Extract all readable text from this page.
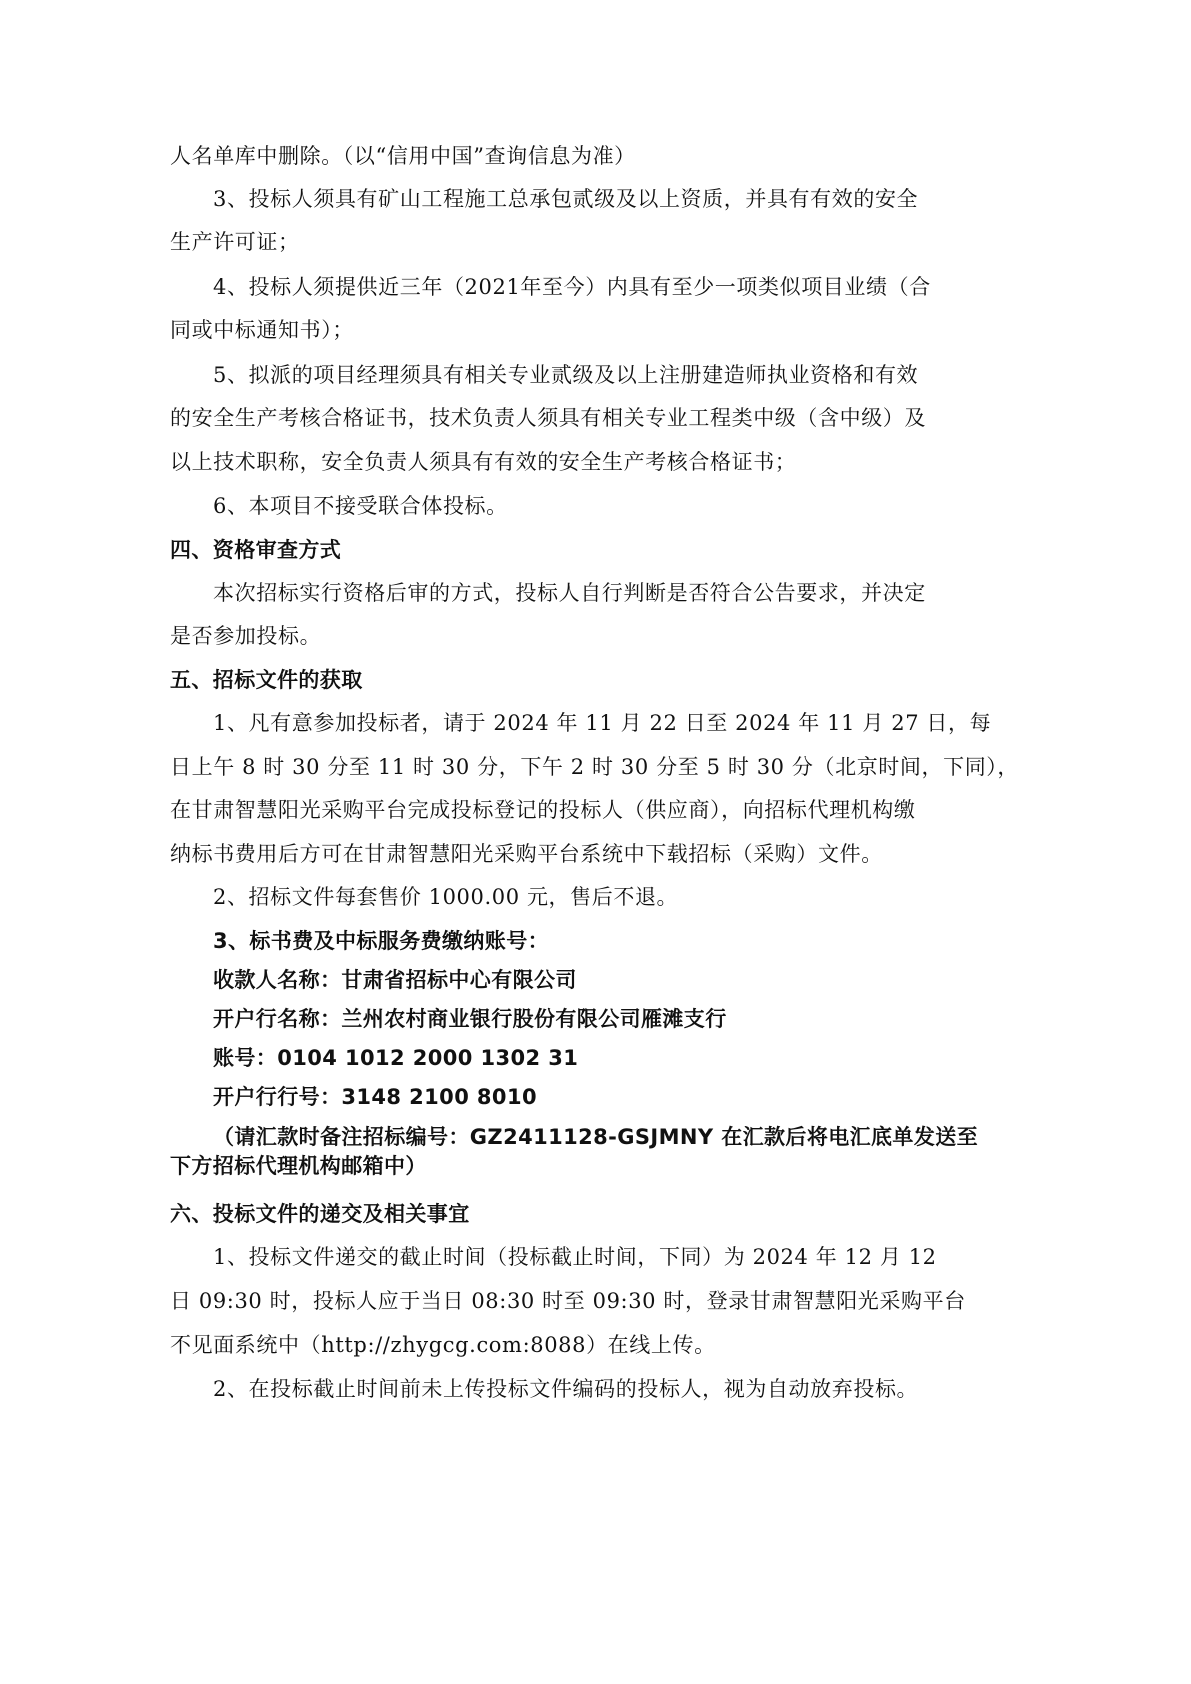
人名单库中删除。（以“信用中国”查询信息为准）
3、投标人须具有矿山工程施工总承包贰级及以上资质，并具有有效的安全
生产许可证；
4、投标人须提供近三年（2021年至今）内具有至少一项类似项目业绩（合
同或中标通知书）；
5、拟派的项目经理须具有相关专业贰级及以上注册建造师执业资格和有效
的安全生产考核合格证书，技术负责人须具有相关专业工程类中级（含中级）及
以上技术职称，安全负责人须具有有效的安全生产考核合格证书；
6、本项目不接受联合体投标。
四、资格审查方式
本次招标实行资格后审的方式，投标人自行判断是否符合公告要求，并决定
是否参加投标。
五、招标文件的获取
1、凡有意参加投标者，请于 2024 年 11 月 22 日至 2024 年 11 月 27 日，每
日上午 8 时 30 分至 11 时 30 分，下午 2 时 30 分至 5 时 30 分（北京时间，下同），
在甘肃智慧阳光采购平台完成投标登记的投标人（供应商），向招标代理机构缴
纳标书费用后方可在甘肃智慧阳光采购平台系统中下载招标（采购）文件。
2、招标文件每套售价 1000.00 元，售后不退。
3、标书费及中标服务费缴纳账号：
收款人名称：甘肃省招标中心有限公司
开户行名称：兰州农村商业银行股份有限公司雁滩支行
账号：0104 1012 2000 1302 31
开户行行号：3148 2100 8010
（请汇款时备注招标编号：GZ2411128-GSJMNY 在汇款后将电汇底单发送至
下方招标代理机构邮箱中）
六、投标文件的递交及相关事宜
1、投标文件递交的截止时间（投标截止时间，下同）为 2024 年 12 月 12
日 09:30 时，投标人应于当日 08:30 时至 09:30 时，登录甘肃智慧阳光采购平台
不见面系统中（http://zhygcg.com:8088）在线上传。
2、在投标截止时间前未上传投标文件编码的投标人，视为自动放弃投标。
